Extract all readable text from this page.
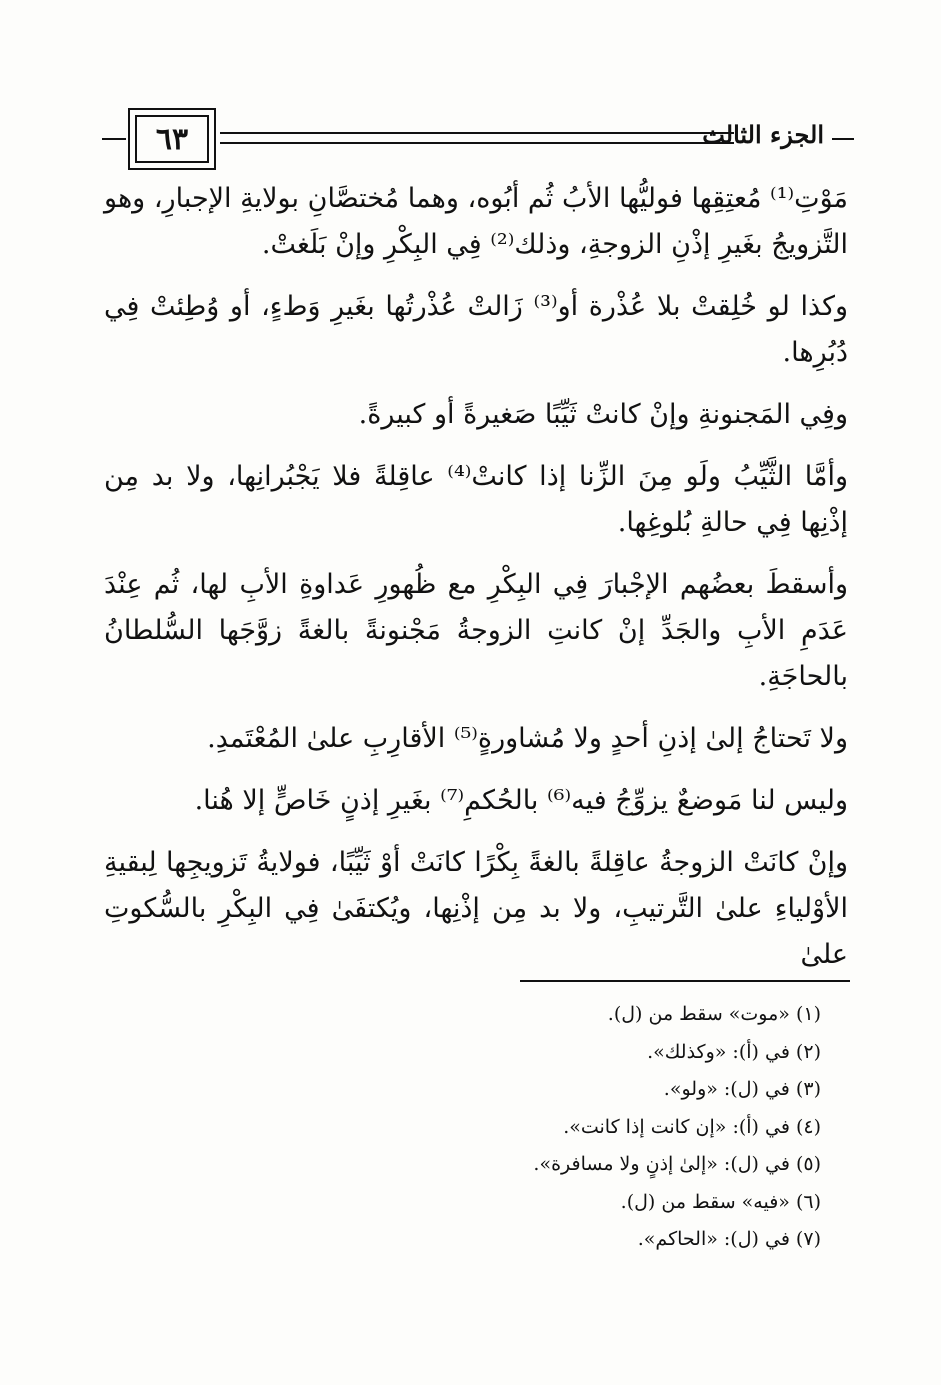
٦٣	الجزء الثالث

مَوْتِ⁽¹⁾ مُعتِقِها فوليُّها الأبُ ثُم أبُوه، وهما مُختصَّانِ بولايةِ الإجبارِ، وهو التَّزويجُ بغَيرِ إذْنِ الزوجةِ، وذلك⁽²⁾ فِي البِكْرِ وإنْ بَلَغتْ.

وكذا لو خُلِقتْ بلا عُذْرة أو⁽³⁾ زَالتْ عُذْرتُها بغَيرِ وَطءٍ، أو وُطِئتْ فِي دُبُرِها.

وفِي المَجنونةِ وإنْ كانتْ ثَيِّبًا صَغيرةً أو كبيرةً.

وأمَّا الثَّيِّبُ ولَو مِنَ الزِّنا إذا كانتْ⁽⁴⁾ عاقِلةً فلا يَجْبُرانِها، ولا بد مِن إذْنِها فِي حالةِ بُلوغِها.

وأسقطَ بعضُهم الإجْبارَ فِي البِكْرِ مع ظُهورِ عَداوةِ الأبِ لها، ثُم عِنْدَ عَدَمِ الأبِ والجَدِّ إنْ كانتِ الزوجةُ مَجْنونةً بالغةً زوَّجَها السُّلطانُ بالحاجَةِ.

ولا تَحتاجُ إلىٰ إذنِ أحدٍ ولا مُشاورةٍ⁽⁵⁾ الأقارِبِ علىٰ المُعْتَمدِ.

وليس لنا مَوضعٌ يزوِّجُ فيه⁽⁶⁾ بالحُكمِ⁽⁷⁾ بغَيرِ إذنٍ خَاصٍّ إلا هُنا.

وإنْ كانَتْ الزوجةُ عاقِلةً بالغةً بِكْرًا كانَتْ أوْ ثَيِّبًا، فولايةُ تَزويجِها لِبقيةِ الأوْلياءِ علىٰ التَّرتيبِ، ولا بد مِن إذْنِها، ويُكتفَىٰ فِي البِكْرِ بالسُّكوتِ علىٰ

(١) «موت» سقط من (ل).
(٢) في (أ): «وكذلك».
(٣) في (ل): «ولو».
(٤) في (أ): «إن كانت إذا كانت».
(٥) في (ل): «إلىٰ إذنٍ ولا مسافرة».
(٦) «فيه» سقط من (ل).
(٧) في (ل): «الحاكم».
